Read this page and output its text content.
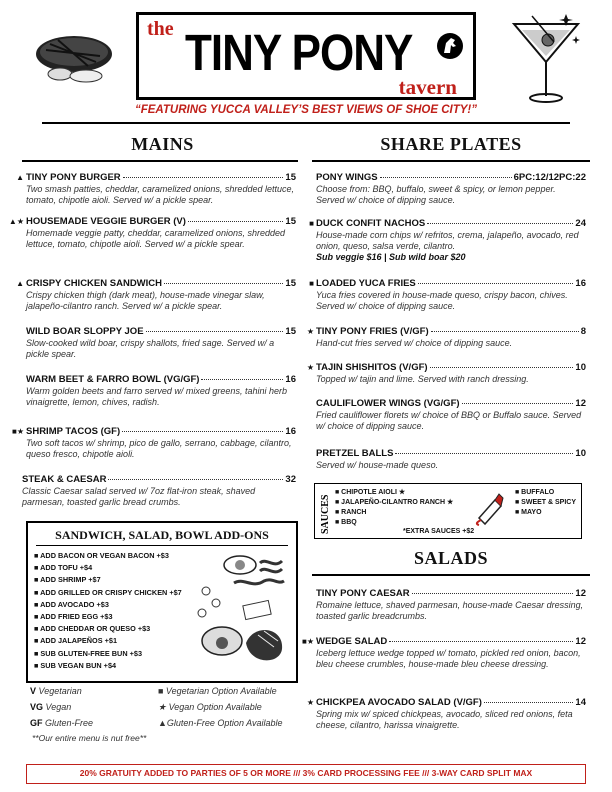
the TINY PONY
tavern
“FEATURING YUCCA VALLEY’S BEST VIEWS OF SHOE CITY!”
MAINS
▲ TINY PONY BURGER	15
Two smash patties, cheddar, caramelized onions, shredded lettuce, tomato, chipotle aioli. Served w/ a pickle spear.
▲★ HOUSEMADE VEGGIE BURGER (V)	15
Homemade veggie patty, cheddar, caramelized onions, shredded lettuce, tomato, chipotle aioli. Served w/ a pickle spear.
▲ CRISPY CHICKEN SANDWICH	15
Crispy chicken thigh (dark meat), house-made vinegar slaw, jalapeño-cilantro ranch. Served w/ a pickle spear.
WILD BOAR SLOPPY JOE	15
Slow-cooked wild boar, crispy shallots, fried sage. Served w/ a pickle spear.
WARM BEET & FARRO BOWL (VG/GF)	16
Warm golden beets and farro served w/ mixed greens, tahini herb vinaigrette, lemon, chives, radish.
■★ SHRIMP TACOS (GF)	16
Two soft tacos w/ shrimp, pico de gallo, serrano, cabbage, cilantro, queso fresco, chipotle aioli.
STEAK & CAESAR	32
Classic Caesar salad served w/ 7oz flat-iron steak, shaved parmesan, toasted garlic bread crumbs.
SANDWICH, SALAD, BOWL ADD-ONS
■ ADD BACON OR VEGAN BACON +$3
■ ADD TOFU +$4
■ ADD SHRIMP +$7
■ ADD GRILLED OR CRISPY CHICKEN +$7
■ ADD AVOCADO +$3
■ ADD FRIED EGG +$3
■ ADD CHEDDAR OR QUESO +$3
■ ADD JALAPEÑOS +$1
■ SUB GLUTEN-FREE BUN +$3
■ SUB VEGAN BUN +$4
V Vegetarian
VG Vegan
GF Gluten-Free
**Our entire menu is nut free**
■ Vegetarian Option Available
★ Vegan Option Available
▲Gluten-Free Option Available
SHARE PLATES
PONY WINGS	6PC:12/12PC:22
Choose from: BBQ, buffalo, sweet & spicy, or lemon pepper. Served w/ choice of dipping sauce.
■ DUCK CONFIT NACHOS	24
House-made corn chips w/ refritos, crema, jalapeño, avocado, red onion, queso, salsa verde, cilantro.
Sub veggie $16 | Sub wild boar $20
■ LOADED YUCA FRIES	16
Yuca fries covered in house-made queso, crispy bacon, chives. Served w/ choice of dipping sauce.
★ TINY PONY FRIES (V/GF)	8
Hand-cut fries served w/ choice of dipping sauce.
★ TAJIN SHISHITOS (V/GF)	10
Topped w/ tajin and lime. Served with ranch dressing.
CAULIFLOWER WINGS (VG/GF)	12
Fried cauliflower florets w/ choice of BBQ or Buffalo sauce. Served w/ choice of dipping sauce.
PRETZEL BALLS	10
Served w/ house-made queso.
SAUCES
■ CHIPOTLE AIOLI ★
■ JALAPEÑO-CILANTRO RANCH ★
■ RANCH
■ BBQ
■ BUFFALO
■ SWEET & SPICY
■ MAYO
*EXTRA SAUCES +$2
SALADS
TINY PONY CAESAR	12
Romaine lettuce, shaved parmesan, house-made Caesar dressing, toasted garlic breadcrumbs.
■★ WEDGE SALAD	12
Iceberg lettuce wedge topped w/ tomato, pickled red onion, bacon, bleu cheese crumbles, house-made bleu cheese dressing.
★ CHICKPEA AVOCADO SALAD (V/GF)	14
Spring mix w/ spiced chickpeas, avocado, sliced red onions, feta cheese, cilantro, harissa vinaigrette.
20% GRATUITY ADDED TO PARTIES OF 5 OR MORE /// 3% CARD PROCESSING FEE /// 3-WAY CARD SPLIT MAX
